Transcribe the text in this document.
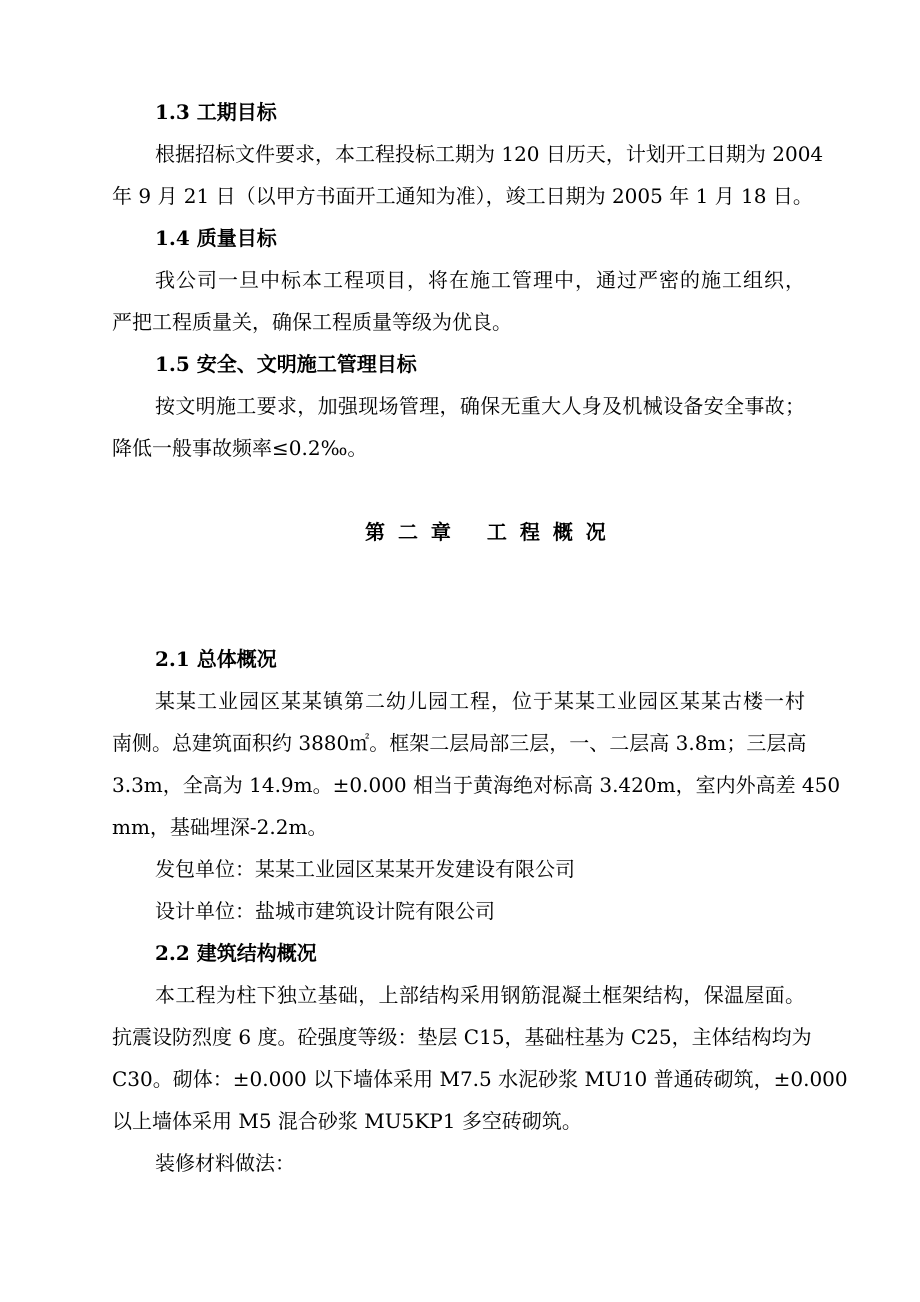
1.3 工期目标
根据招标文件要求，本工程投标工期为 120 日历天，计划开工日期为 2004
年 9 月 21 日（以甲方书面开工通知为准），竣工日期为 2005 年 1 月 18 日。
1.4 质量目标
我公司一旦中标本工程项目，将在施工管理中，通过严密的施工组织，
严把工程质量关，确保工程质量等级为优良。
1.5 安全、文明施工管理目标
按文明施工要求，加强现场管理，确保无重大人身及机械设备安全事故；
降低一般事故频率≤0.2‰。
第 二 章　 工 程 概 况
2.1 总体概况
某某工业园区某某镇第二幼儿园工程，位于某某工业园区某某古楼一村
南侧。总建筑面积约 3880㎡。框架二层局部三层，一、二层高 3.8m；三层高
3.3m，全高为 14.9m。±0.000 相当于黄海绝对标高 3.420m，室内外高差 450
mm，基础埋深-2.2m。
发包单位：某某工业园区某某开发建设有限公司
设计单位：盐城市建筑设计院有限公司
2.2 建筑结构概况
本工程为柱下独立基础，上部结构采用钢筋混凝土框架结构，保温屋面。
抗震设防烈度 6 度。砼强度等级：垫层 C15，基础柱基为 C25，主体结构均为
C30。砌体：±0.000 以下墙体采用 M7.5 水泥砂浆 MU10 普通砖砌筑，±0.000
以上墙体采用 M5 混合砂浆 MU5KP1 多空砖砌筑。
装修材料做法：
